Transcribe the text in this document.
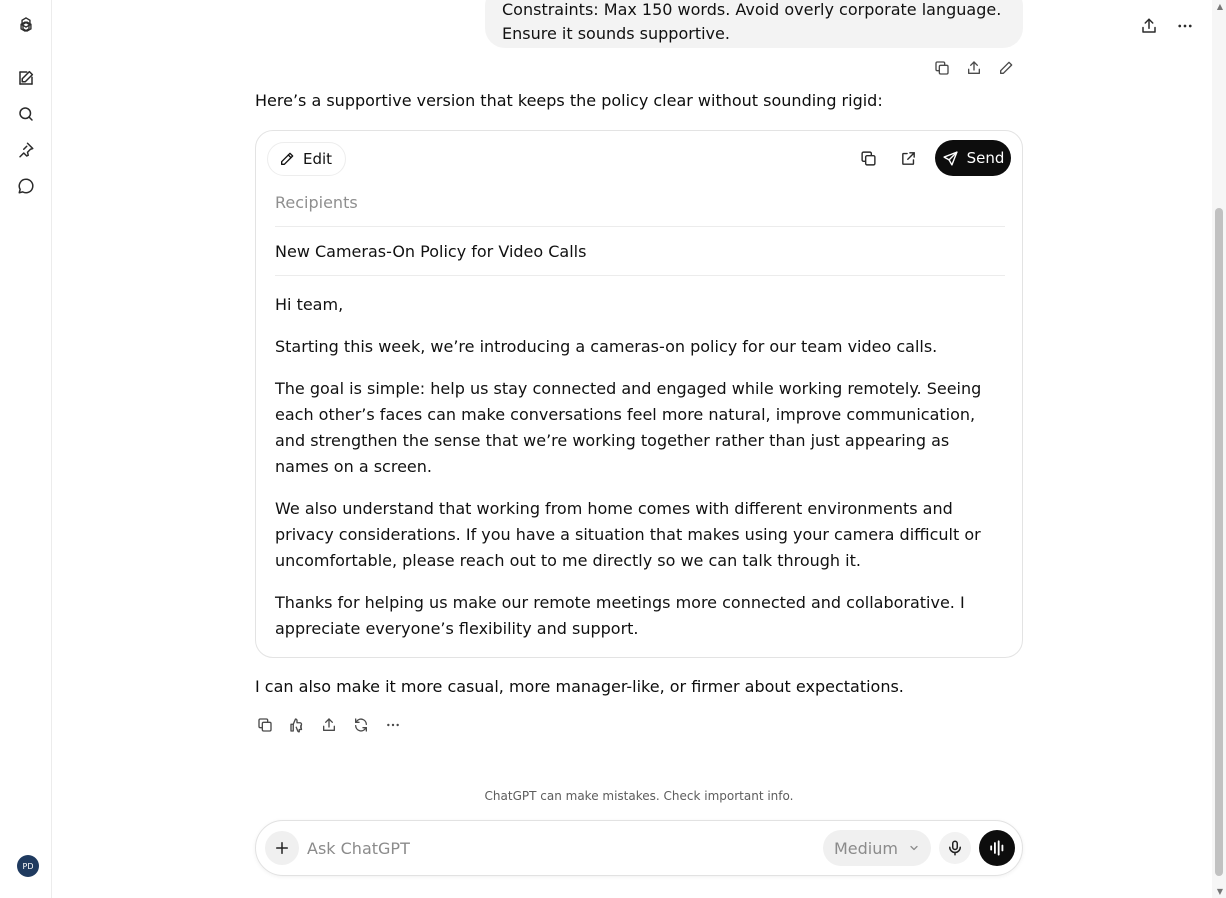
PD

Constraints: Max 150 words. Avoid overly corporate language.

Ensure it sounds supportive.

Here’s a supportive version that keeps the policy clear without sounding rigid:
Edit	Send
Recipients
New Cameras-On Policy for Video Calls

Hi team,

Starting this week, we’re introducing a cameras-on policy for our team video calls.

The goal is simple: help us stay connected and engaged while working remotely. Seeing each other’s faces can make conversations feel more natural, improve communication, and strengthen the sense that we’re working together rather than just appearing as names on a screen.

We also understand that working from home comes with different environments and privacy considerations. If you have a situation that makes using your camera difficult or uncomfortable, please reach out to me directly so we can talk through it.

Thanks for helping us make our remote meetings more connected and collaborative. I appreciate everyone’s flexibility and support.

I can also make it more casual, more manager-like, or firmer about expectations.
ChatGPT can make mistakes. Check important info.
Ask ChatGPT
Medium
▲
▼
